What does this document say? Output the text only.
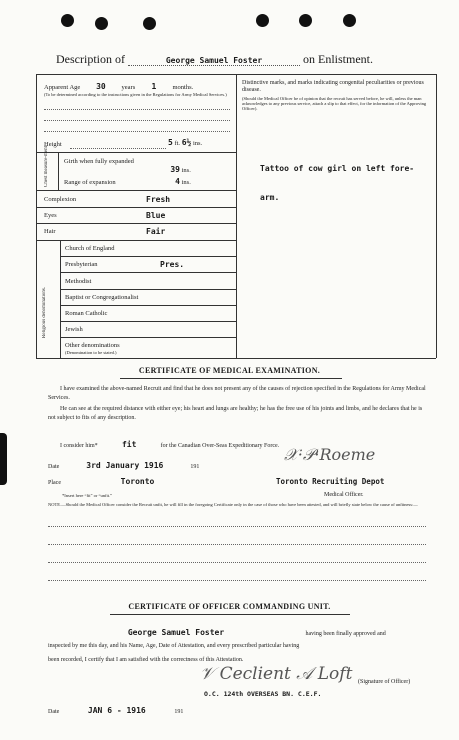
Description of	George Samuel Foster	on Enlistment.
Apparent Age 30 years 1 months.
(To be determined according to the instructions given in the Regulations for Army Medical Services.)
Distinctive marks, and marks indicating congenital peculiarities or previous disease.
(Should the Medical Officer be of opinion that the recruit has served before, he will, unless the man acknowledges to any previous service, attach a slip to that effect, for the information of the Approving Officer).
Tattoo of cow girl on left fore-
arm.
Height	5 ft. 6½ ins.
Chest measure-ment. Girth when fully expanded
39 ins.
Range of expansion	4 ins.
Complexion	Fresh
Eyes	Blue
Hair	Fair
Religious denominations.
Church of England
Presbyterian	Pres.
Methodist
Baptist or Congregationalist
Roman Catholic
Jewish
Other denominations
(Denomination to be stated.)
CERTIFICATE OF MEDICAL EXAMINATION.
I have examined the above-named Recruit and find that he does not present any of the causes of rejection specified in the Regulations for Army Medical Services.
He can see at the required distance with either eye; his heart and lungs are healthy; he has the free use of his joints and limbs, and he declares that he is not subject to fits of any description.
I consider him*	fit	for the Canadian Over-Seas Expeditionary Force.
Date	3rd January 1916	191
Place	Toronto
*Insert here “fit” or “unfit.”
Toronto Recruiting Depot
Medical Officer.
𝒳·𝒫·Roeme
NOTE.—Should the Medical Officer consider the Recruit unfit, he will fill in the foregoing Certificate only in the case of those who have been attested, and will briefly state below the cause of unfitness:—
CERTIFICATE OF OFFICER COMMANDING UNIT.
George Samuel Foster	having been finally approved and
inspected by me this day, and his Name, Age, Date of Attestation, and every prescribed particular having
been recorded, I certify that I am satisfied with the correctness of this Attestation.
𝒱 Ceclient 𝒜 Loft (Signature of Officer)
O.C. 124th OVERSEAS BN. C.E.F.
Date	JAN 6 - 1916	191
